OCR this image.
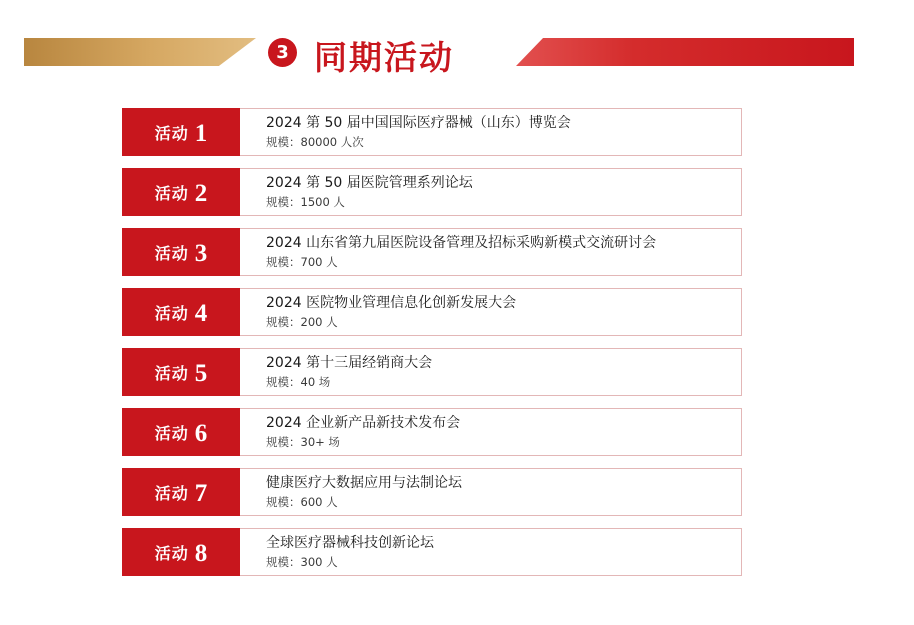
3 同期活动
活动 1	2024 第 50 届中国国际医疗器械（山东）博览会
规模：80000 人次
活动 2	2024 第 50 届医院管理系列论坛
规模：1500 人
活动 3	2024 山东省第九届医院设备管理及招标采购新模式交流研讨会
规模：700 人
活动 4	2024 医院物业管理信息化创新发展大会
规模：200 人
活动 5	2024 第十三届经销商大会
规模：40 场
活动 6	2024 企业新产品新技术发布会
规模：30+ 场
活动 7	健康医疗大数据应用与法制论坛
规模：600 人
活动 8	全球医疗器械科技创新论坛
规模：300 人
